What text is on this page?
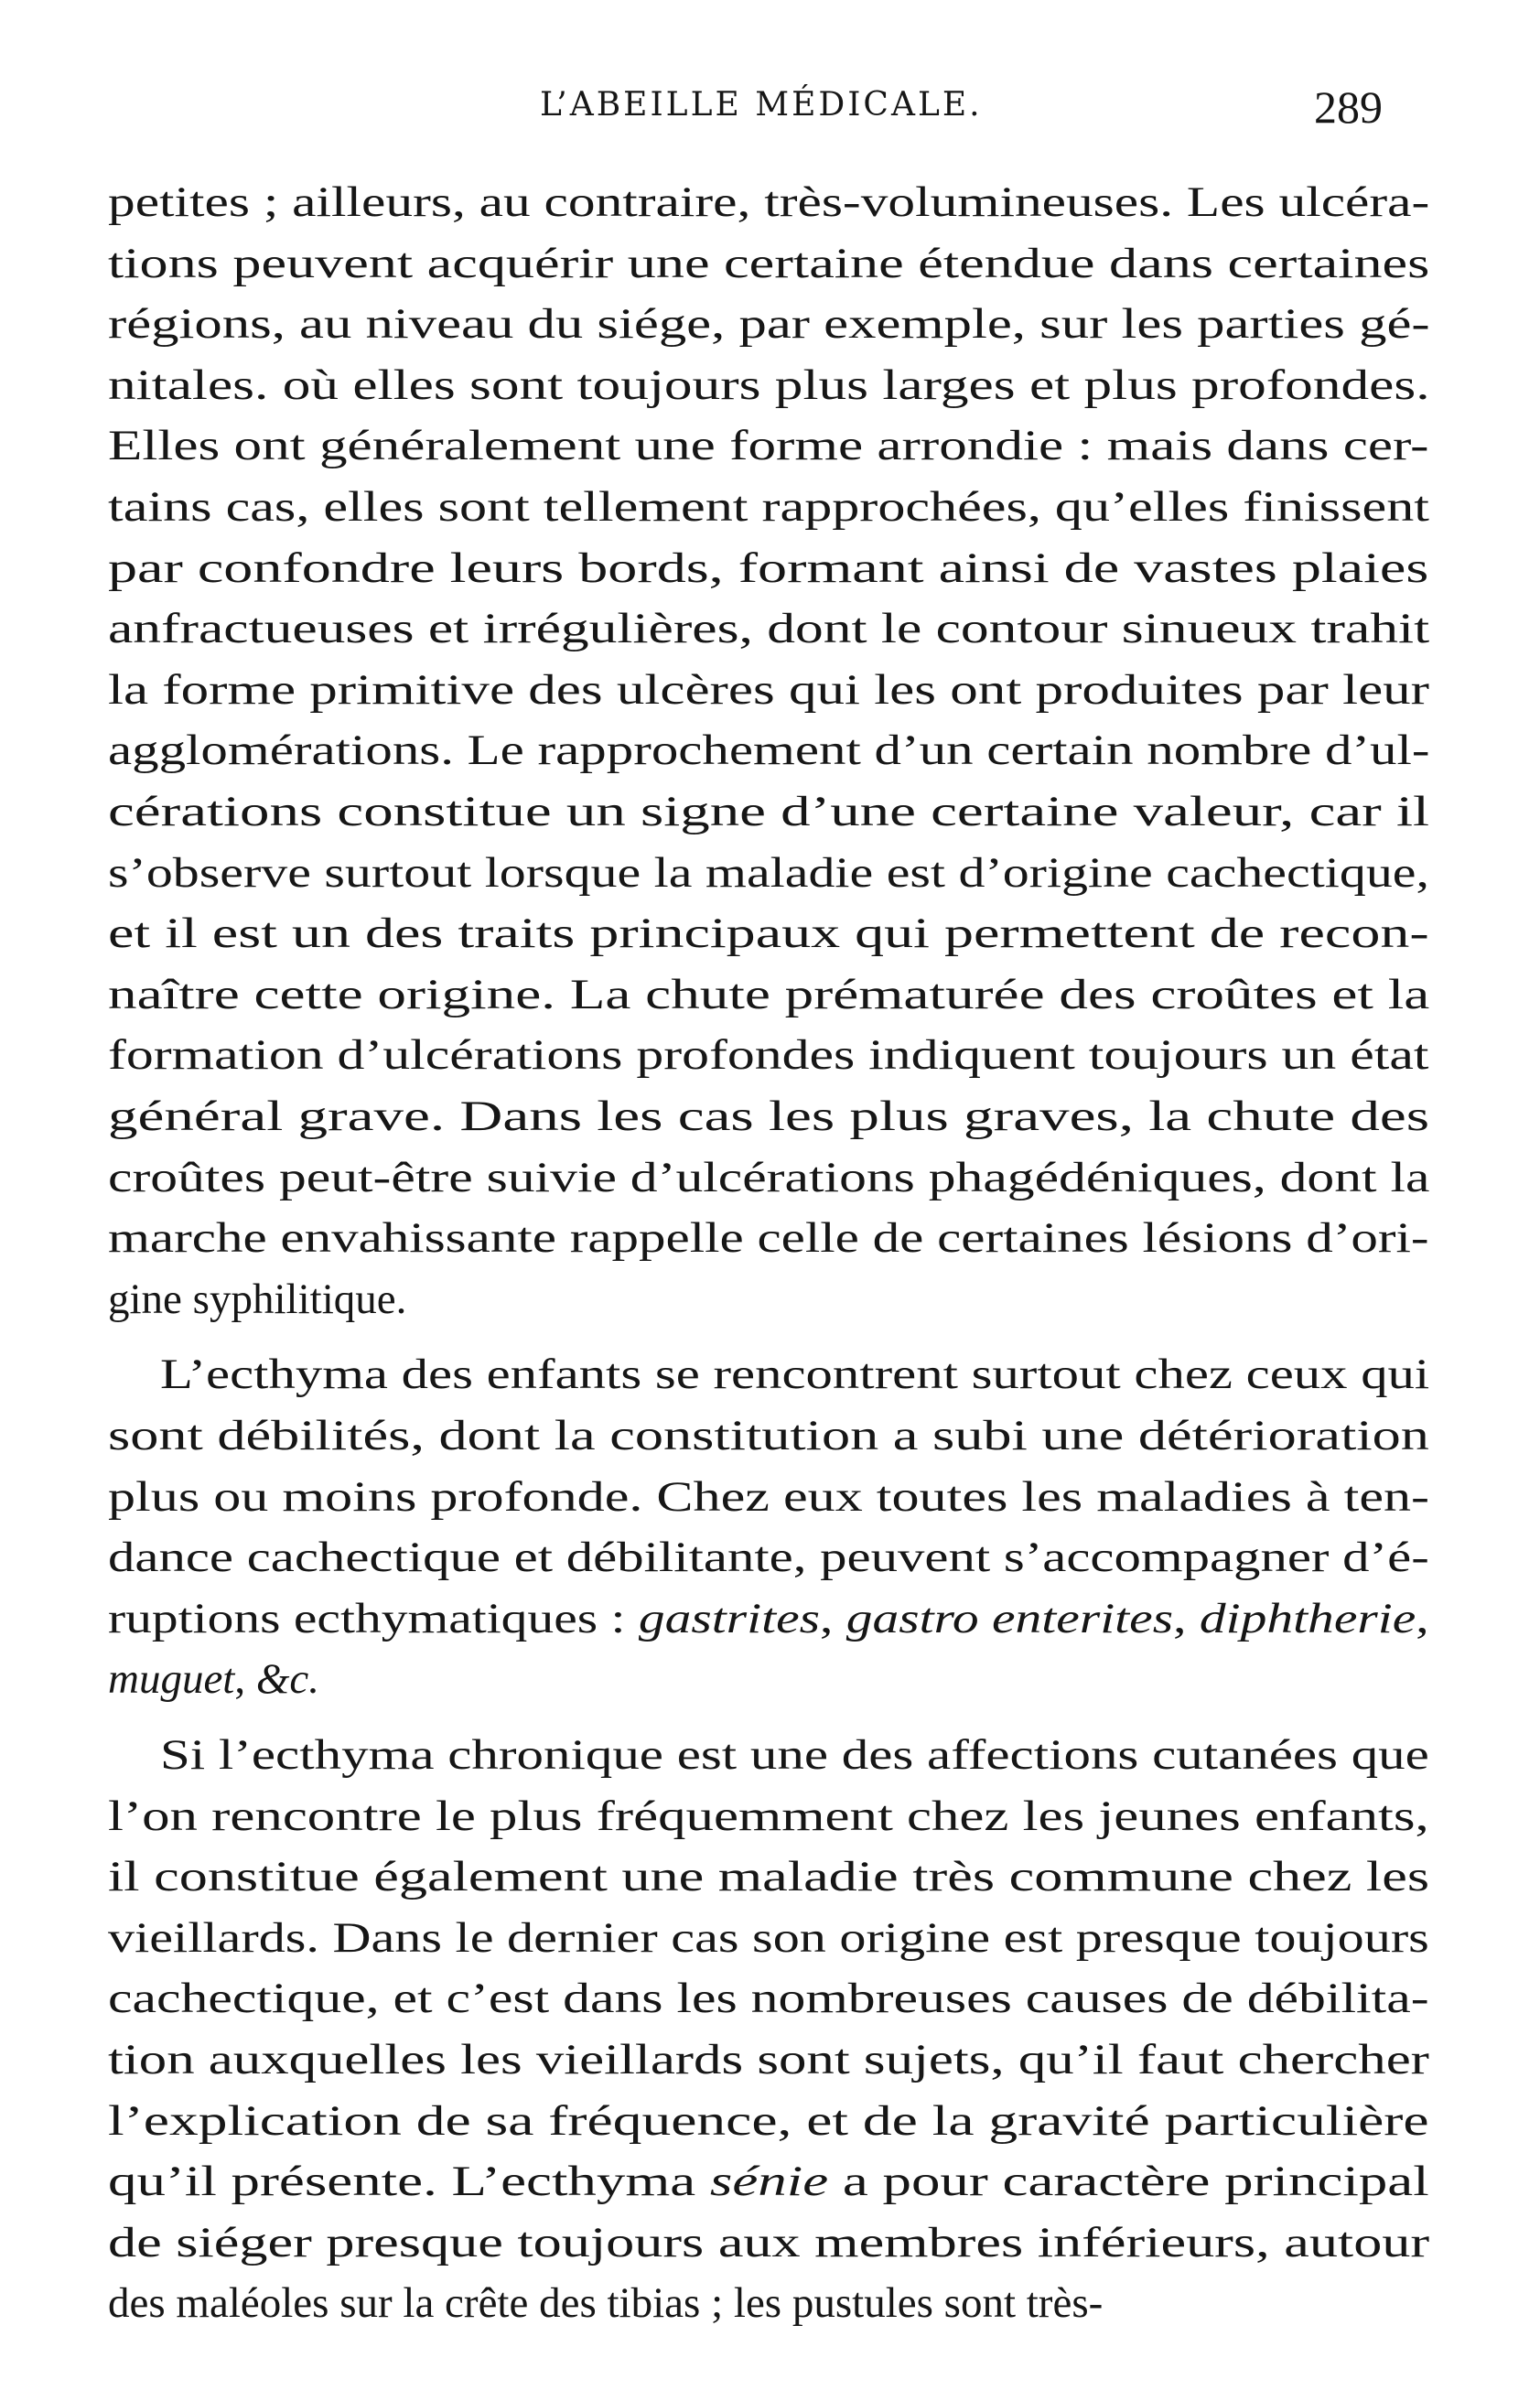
L’ABEILLE MÉDICALE.	289
petites ; ailleurs, au contraire, très-volumineuses. Les ulcéra-
tions peuvent acquérir une certaine étendue dans certaines
régions, au niveau du siége, par exemple, sur les parties gé-
nitales. où elles sont toujours plus larges et plus profondes.
Elles ont généralement une forme arrondie : mais dans cer-
tains cas, elles sont tellement rapprochées, qu’elles finissent
par confondre leurs bords, formant ainsi de vastes plaies
anfractueuses et irrégulières, dont le contour sinueux trahit
la forme primitive des ulcères qui les ont produites par leur
agglomérations. Le rapprochement d’un certain nombre d’ul-
cérations constitue un signe d’une certaine valeur, car il
s’observe surtout lorsque la maladie est d’origine cachectique,
et il est un des traits principaux qui permettent de recon-
naître cette origine. La chute prématurée des croûtes et la
formation d’ulcérations profondes indiquent toujours un état
général grave. Dans les cas les plus graves, la chute des
croûtes peut-être suivie d’ulcérations phagédéniques, dont la
marche envahissante rappelle celle de certaines lésions d’ori-
gine syphilitique.
L’ecthyma des enfants se rencontrent surtout chez ceux qui
sont débilités, dont la constitution a subi une détérioration
plus ou moins profonde. Chez eux toutes les maladies à ten-
dance cachectique et débilitante, peuvent s’accompagner d’é-
ruptions ecthymatiques : gastrites, gastro enterites, diphtherie,
muguet, &c.
Si l’ecthyma chronique est une des affections cutanées que
l’on rencontre le plus fréquemment chez les jeunes enfants,
il constitue également une maladie très commune chez les
vieillards. Dans le dernier cas son origine est presque toujours
cachectique, et c’est dans les nombreuses causes de débilita-
tion auxquelles les vieillards sont sujets, qu’il faut chercher
l’explication de sa fréquence, et de la gravité particulière
qu’il présente. L’ecthyma sénie a pour caractère principal
de siéger presque toujours aux membres inférieurs, autour
des maléoles sur la crête des tibias ; les pustules sont très-
